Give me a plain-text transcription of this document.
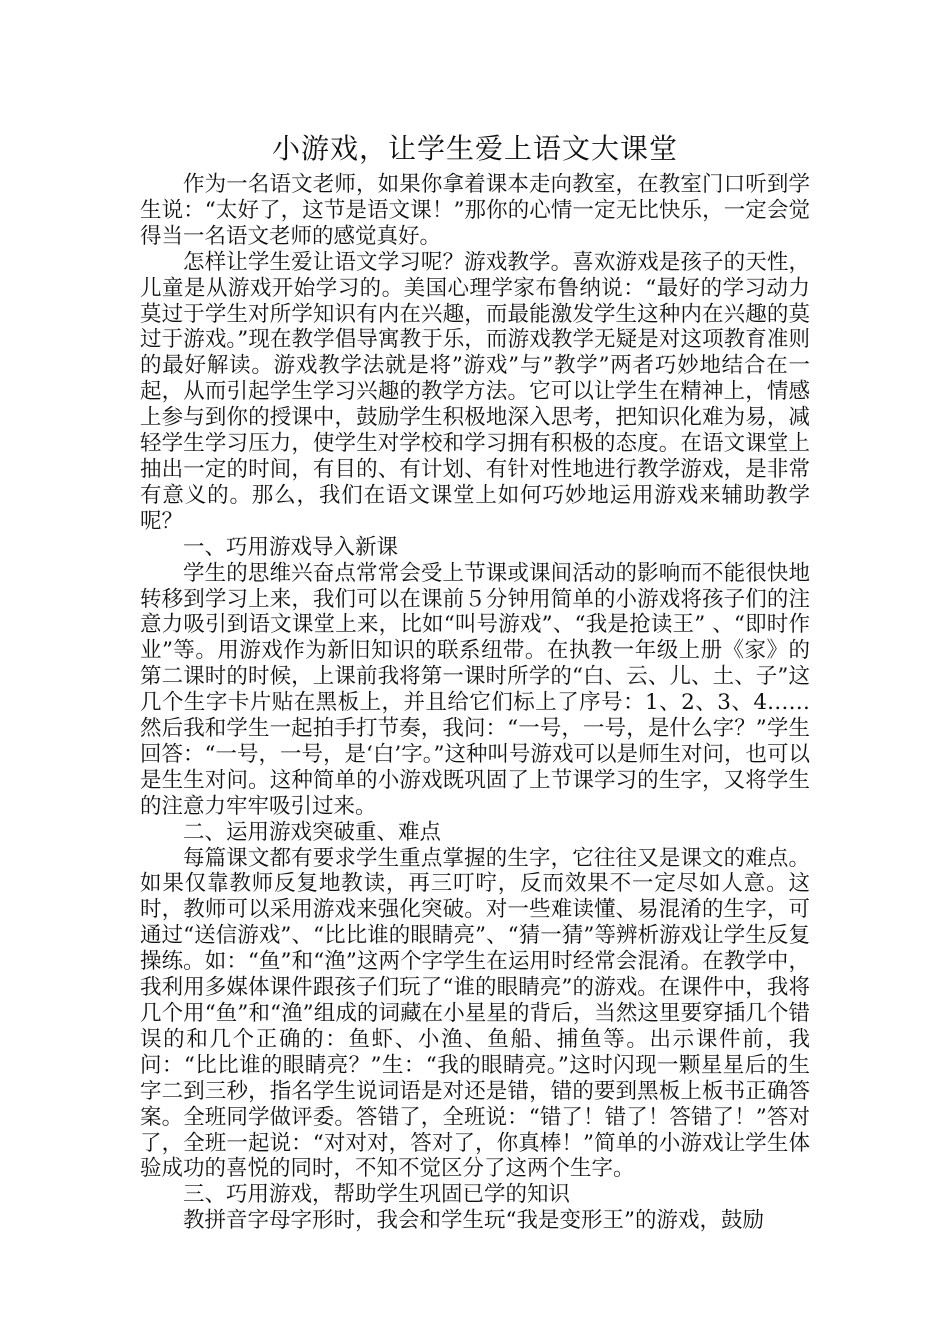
小游戏，让学生爱上语文大课堂

作为一名语文老师，如果你拿着课本走向教室，在教室门口听到学生说：“太好了，这节是语文课！”那你的心情一定无比快乐，一定会觉得当一名语文老师的感觉真好。

怎样让学生爱让语文学习呢？游戏教学。喜欢游戏是孩子的天性，儿童是从游戏开始学习的。美国心理学家布鲁纳说：“最好的学习动力莫过于学生对所学知识有内在兴趣，而最能激发学生这种内在兴趣的莫过于游戏。”现在教学倡导寓教于乐，而游戏教学无疑是对这项教育准则的最好解读。游戏教学法就是将”游戏”与”教学”两者巧妙地结合在一起，从而引起学生学习兴趣的教学方法。它可以让学生在精神上，情感上参与到你的授课中，鼓励学生积极地深入思考，把知识化难为易，减轻学生学习压力，使学生对学校和学习拥有积极的态度。在语文课堂上抽出一定的时间，有目的、有计划、有针对性地进行教学游戏，是非常有意义的。那么，我们在语文课堂上如何巧妙地运用游戏来辅助教学呢？

一、巧用游戏导入新课

学生的思维兴奋点常常会受上节课或课间活动的影响而不能很快地转移到学习上来，我们可以在课前５分钟用简单的小游戏将孩子们的注意力吸引到语文课堂上来，比如“叫号游戏”、“我是抢读王” 、“即时作业”等。用游戏作为新旧知识的联系纽带。在执教一年级上册《家》的第二课时的时候，上课前我将第一课时所学的“白、云、儿、土、子”这几个生字卡片贴在黑板上，并且给它们标上了序号：1、2、3、4……然后我和学生一起拍手打节奏，我问：“一号，一号，是什么字？”学生回答：“一号，一号，是‘白’字。”这种叫号游戏可以是师生对问，也可以是生生对问。这种简单的小游戏既巩固了上节课学习的生字，又将学生的注意力牢牢吸引过来。

二、运用游戏突破重、难点

每篇课文都有要求学生重点掌握的生字，它往往又是课文的难点。如果仅靠教师反复地教读，再三叮咛，反而效果不一定尽如人意。这时，教师可以采用游戏来强化突破。对一些难读懂、易混淆的生字，可通过“送信游戏”、“比比谁的眼睛亮”、“猜一猜”等辨析游戏让学生反复操练。如：“鱼”和“渔”这两个字学生在运用时经常会混淆。在教学中，我利用多媒体课件跟孩子们玩了“谁的眼睛亮”的游戏。在课件中，我将几个用“鱼”和“渔”组成的词藏在小星星的背后，当然这里要穿插几个错误的和几个正确的：鱼虾、小渔、鱼船、捕鱼等。出示课件前，我问：“比比谁的眼睛亮？”生：“我的眼睛亮。”这时闪现一颗星星后的生字二到三秒，指名学生说词语是对还是错，错的要到黑板上板书正确答案。全班同学做评委。答错了，全班说：“错了！错了！答错了！”答对了，全班一起说：“对对对，答对了，你真棒！”简单的小游戏让学生体验成功的喜悦的同时，不知不觉区分了这两个生字。

三、巧用游戏，帮助学生巩固已学的知识

教拼音字母字形时，我会和学生玩“我是变形王”的游戏，鼓励
